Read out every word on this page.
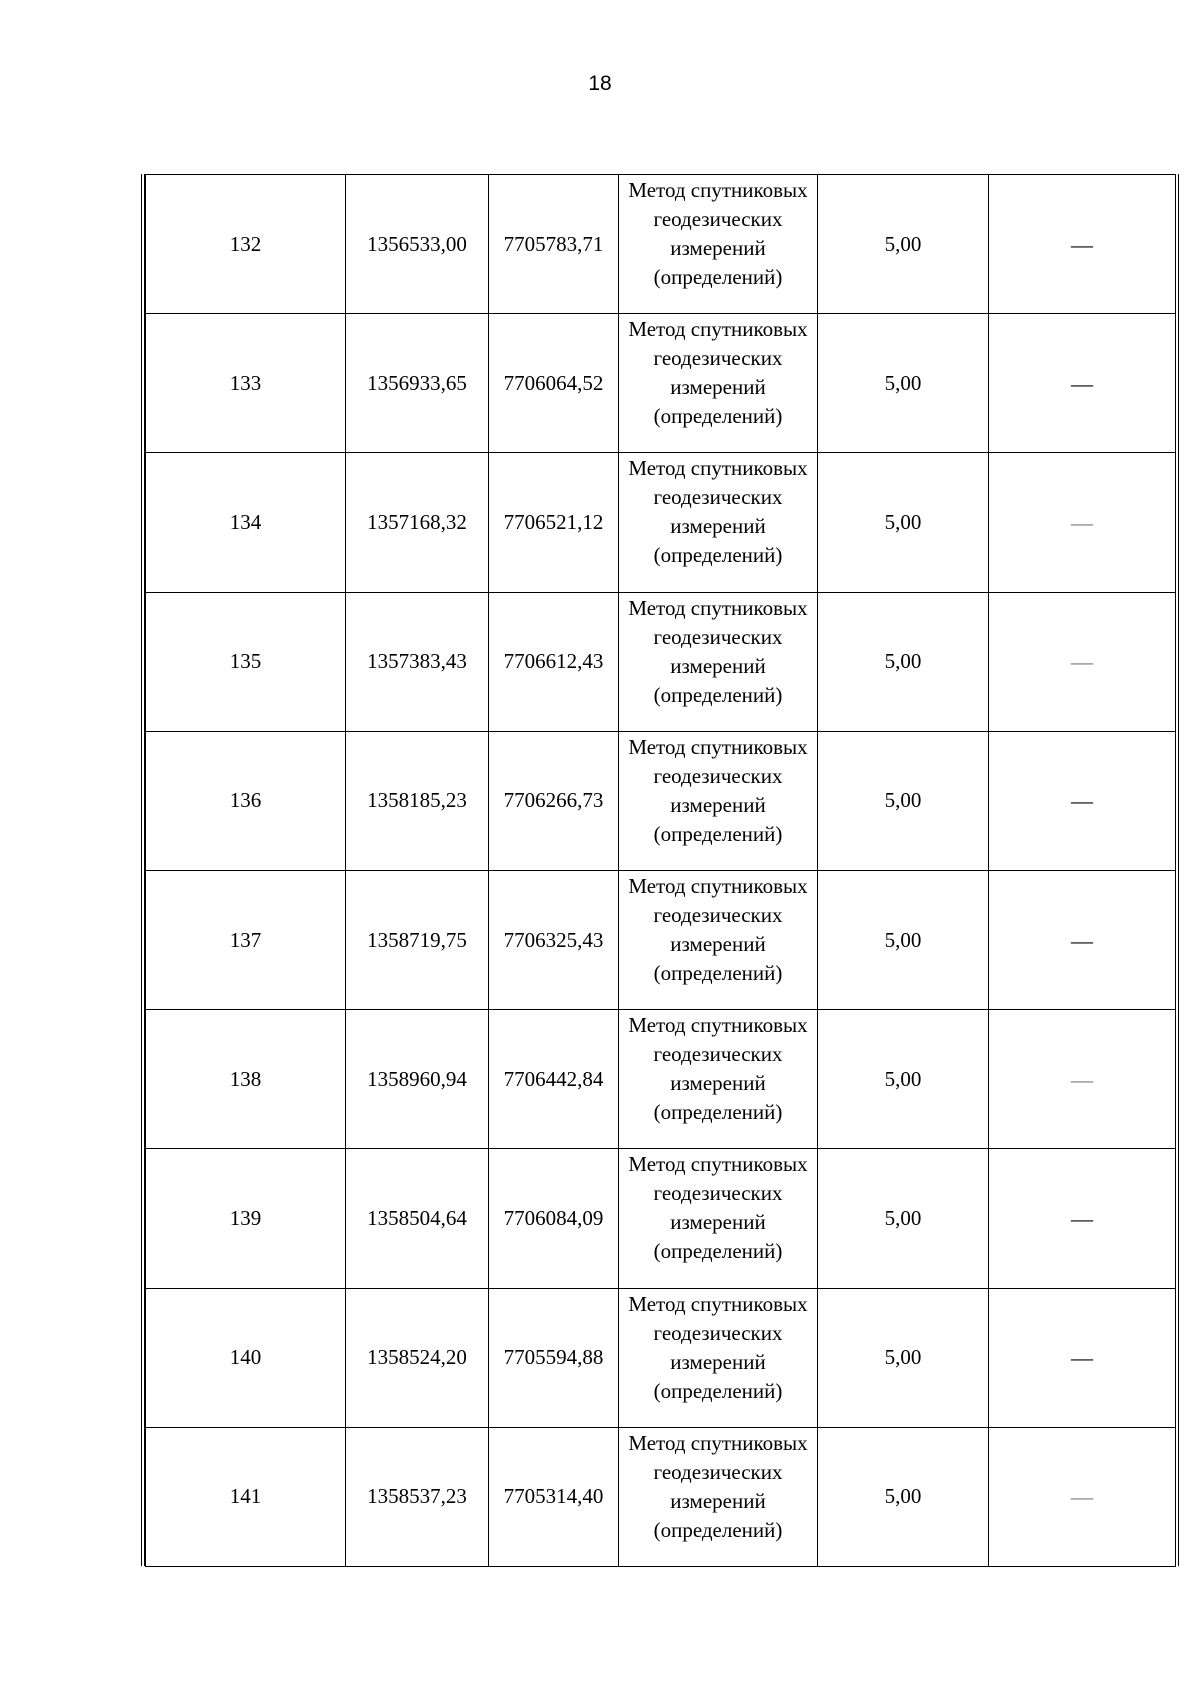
18
132	1356533,00	7705783,71	Метод спутниковых
геодезических
измерений
(определений)	5,00	—
133	1356933,65	7706064,52	Метод спутниковых
геодезических
измерений
(определений)	5,00	—
134	1357168,32	7706521,12	Метод спутниковых
геодезических
измерений
(определений)	5,00	—
135	1357383,43	7706612,43	Метод спутниковых
геодезических
измерений
(определений)	5,00	—
136	1358185,23	7706266,73	Метод спутниковых
геодезических
измерений
(определений)	5,00	—
137	1358719,75	7706325,43	Метод спутниковых
геодезических
измерений
(определений)	5,00	—
138	1358960,94	7706442,84	Метод спутниковых
геодезических
измерений
(определений)	5,00	—
139	1358504,64	7706084,09	Метод спутниковых
геодезических
измерений
(определений)	5,00	—
140	1358524,20	7705594,88	Метод спутниковых
геодезических
измерений
(определений)	5,00	—
141	1358537,23	7705314,40	Метод спутниковых
геодезических
измерений
(определений)	5,00	—
